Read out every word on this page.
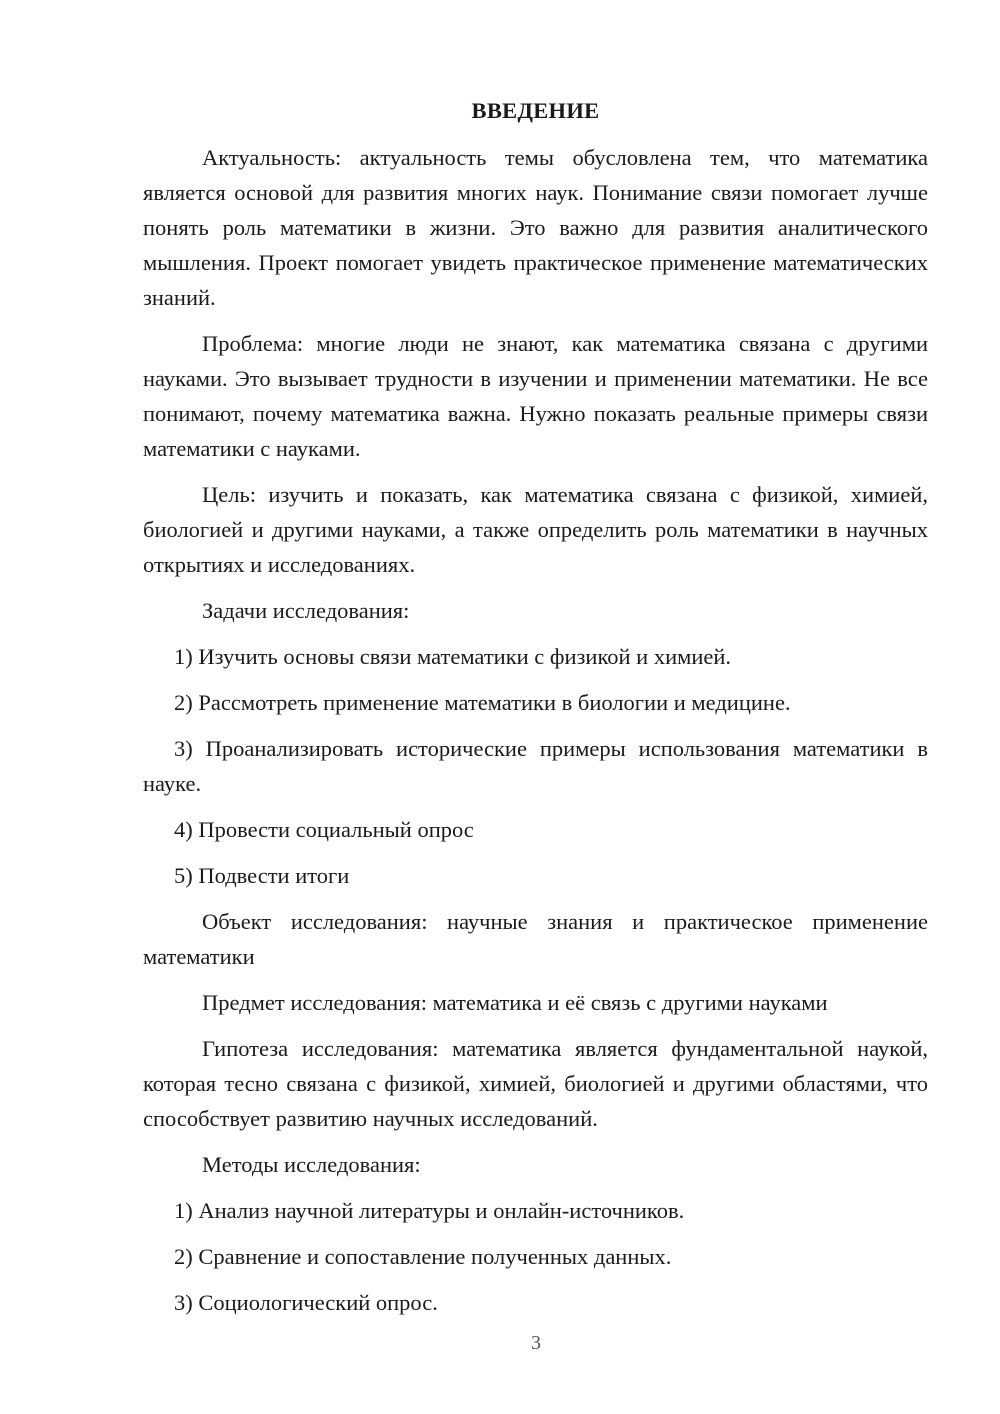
ВВЕДЕНИЕ
Актуальность: актуальность темы обусловлена тем, что математика является основой для развития многих наук. Понимание связи помогает лучше понять роль математики в жизни. Это важно для развития аналитического мышления. Проект помогает увидеть практическое применение математических знаний.
Проблема: многие люди не знают, как математика связана с другими науками. Это вызывает трудности в изучении и применении математики. Не все понимают, почему математика важна. Нужно показать реальные примеры связи математики с науками.
Цель: изучить и показать, как математика связана с физикой, химией, биологией и другими науками, а также определить роль математики в научных открытиях и исследованиях.
Задачи исследования:
1) Изучить основы связи математики с физикой и химией.
2) Рассмотреть применение математики в биологии и медицине.
3) Проанализировать исторические примеры использования математики в науке.
4) Провести социальный опрос
5) Подвести итоги
Объект исследования: научные знания и практическое применение математики
Предмет исследования: математика и её связь с другими науками
Гипотеза исследования: математика является фундаментальной наукой, которая тесно связана с физикой, химией, биологией и другими областями, что способствует развитию научных исследований.
Методы исследования:
1) Анализ научной литературы и онлайн-источников.
2) Сравнение и сопоставление полученных данных.
3) Социологический опрос.
3
